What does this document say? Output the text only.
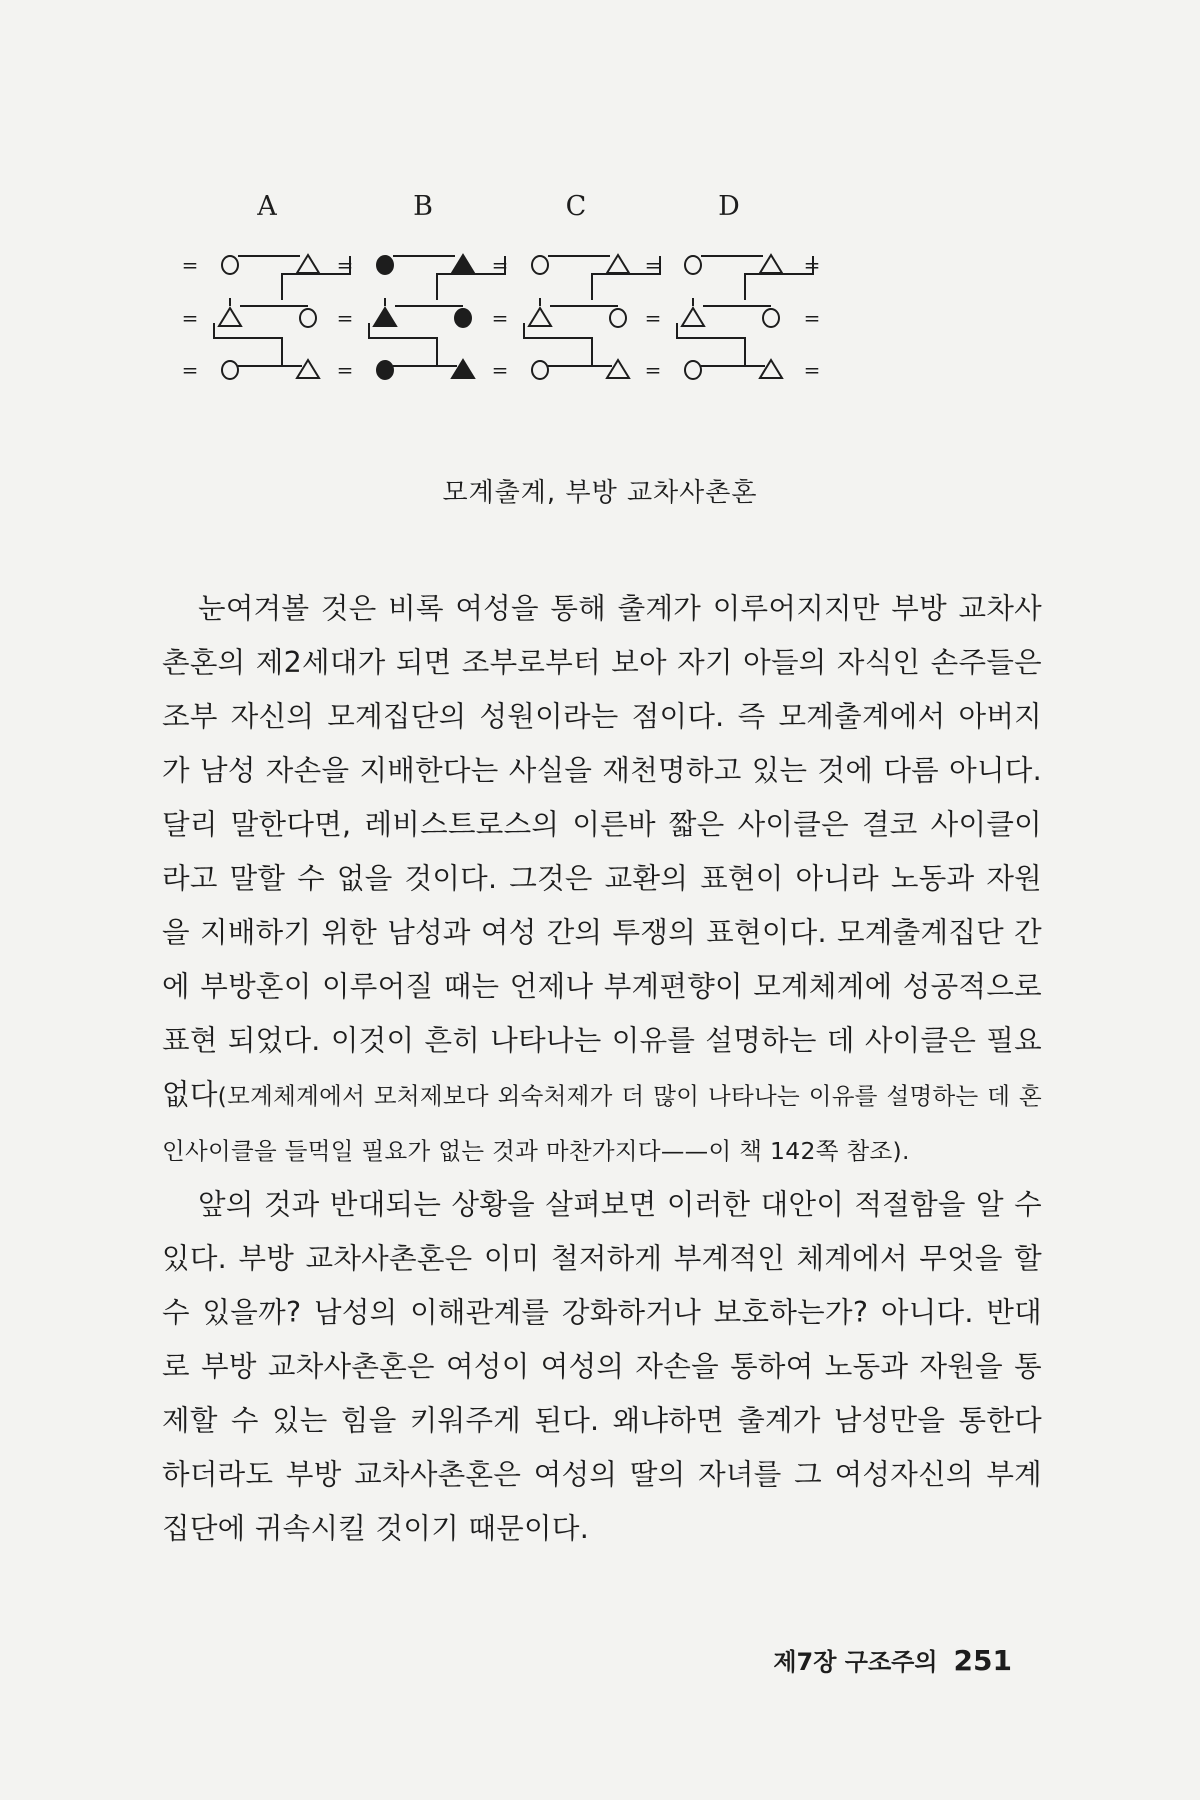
A	B	C	D
=	=	=	=	=
=	=	=	=	=
=	=	=	=	=
모계출계, 부방 교차사촌혼

눈여겨볼 것은 비록 여성을 통해 출계가 이루어지지만 부방 교차사촌혼의 제2세대가 되면 조부로부터 보아 자기 아들의 자식인 손주들은 조부 자신의 모계집단의 성원이라는 점이다. 즉 모계출계에서 아버지가 남성 자손을 지배한다는 사실을 재천명하고 있는 것에 다름 아니다. 달리 말한다면, 레비스트로스의 이른바 짧은 사이클은 결코 사이클이라고 말할 수 없을 것이다. 그것은 교환의 표현이 아니라 노동과 자원을 지배하기 위한 남성과 여성 간의 투쟁의 표현이다. 모계출계집단 간에 부방혼이 이루어질 때는 언제나 부계편향이 모계체계에 성공적으로 표현 되었다. 이것이 흔히 나타나는 이유를 설명하는 데 사이클은 필요없다(모계체계에서 모처제보다 외숙처제가 더 많이 나타나는 이유를 설명하는 데 혼인사이클을 들먹일 필요가 없는 것과 마찬가지다——이 책 142쪽 참조).

앞의 것과 반대되는 상황을 살펴보면 이러한 대안이 적절함을 알 수 있다. 부방 교차사촌혼은 이미 철저하게 부계적인 체계에서 무엇을 할 수 있을까? 남성의 이해관계를 강화하거나 보호하는가? 아니다. 반대로 부방 교차사촌혼은 여성이 여성의 자손을 통하여 노동과 자원을 통제할 수 있는 힘을 키워주게 된다. 왜냐하면 출계가 남성만을 통한다 하더라도 부방 교차사촌혼은 여성의 딸의 자녀를 그 여성자신의 부계집단에 귀속시킬 것이기 때문이다.

제7장 구조주의 251
